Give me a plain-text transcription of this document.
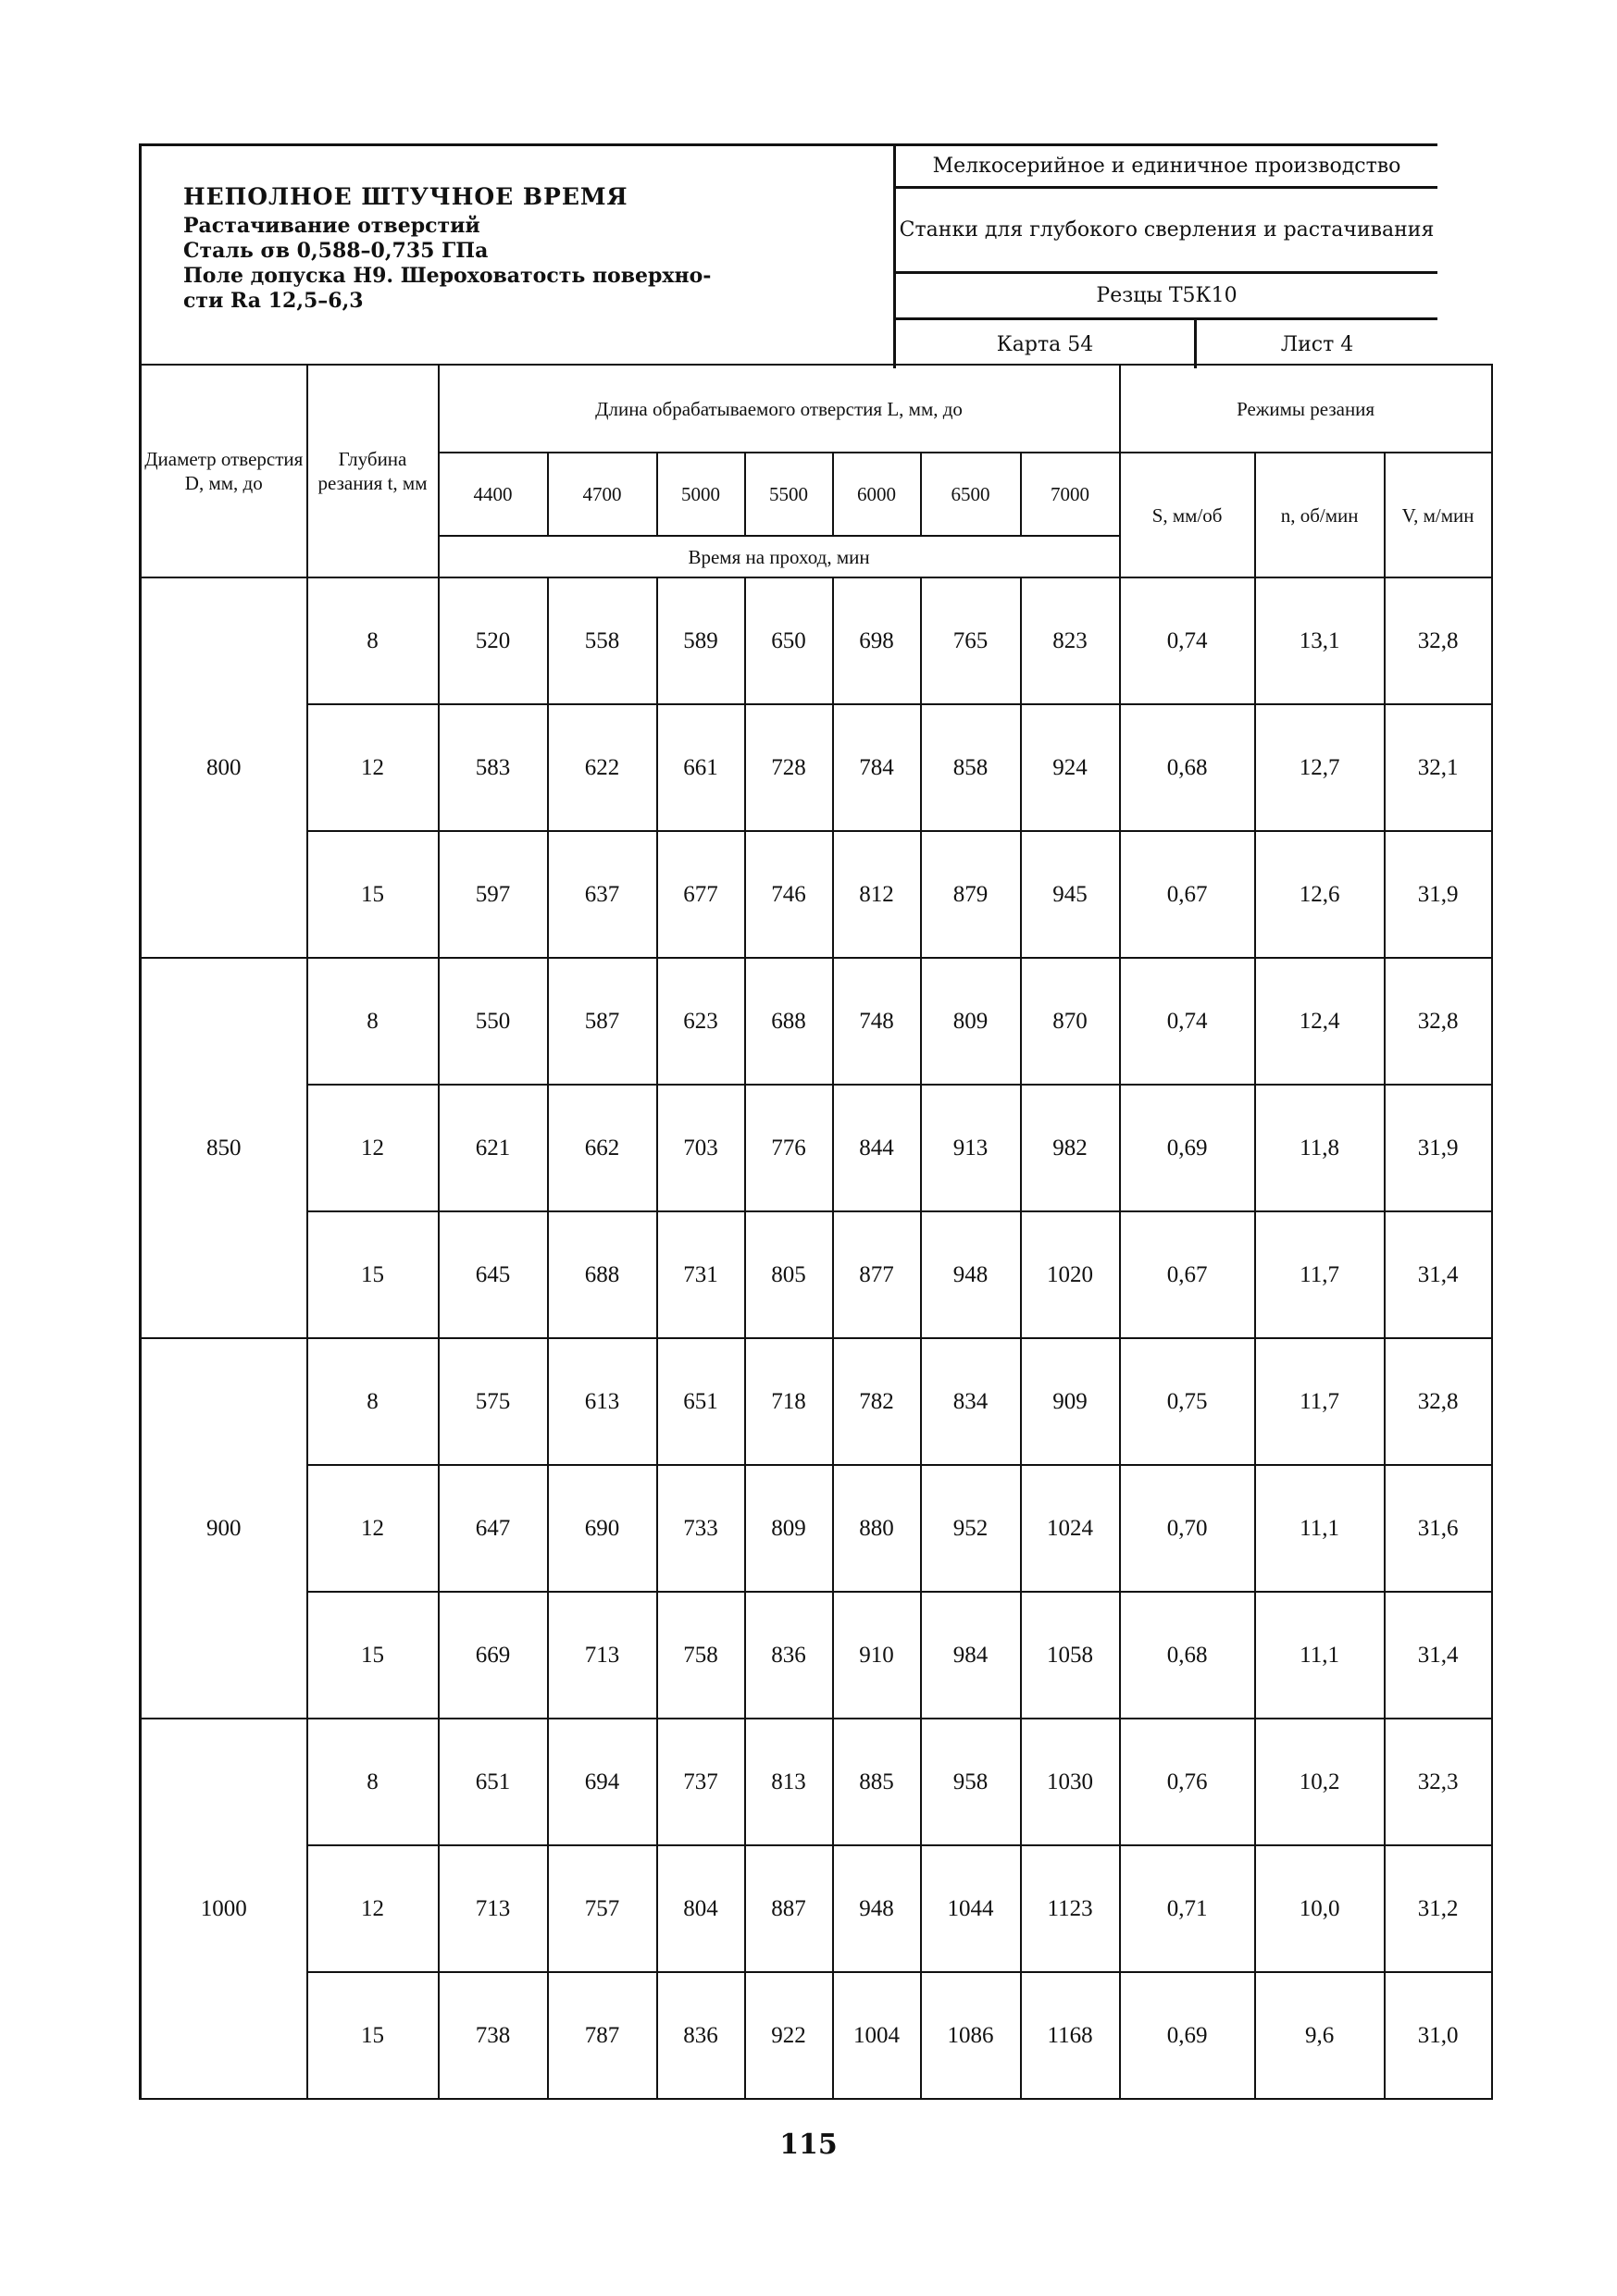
НЕПОЛНОЕ ШТУЧНОЕ ВРЕМЯ
Растачивание отверстий
Сталь σв 0,588–0,735 ГПа
Поле допуска Н9. Шероховатость поверхно-
сти Ra 12,5–6,3
Мелкосерийное и единичное производство
Станки для глубокого сверления и растачивания
Резцы Т5К10
Карта 54	Лист 4
Диаметр отверстия D, мм, до	Глубина резания t, мм	Длина обрабатываемого отверстия L, мм, до							Режимы резания		
		4400	4700	5000	5500	6000	6500	7000	S, мм/об	n, об/мин	V, м/мин
		Время на проход, мин									
800	8	520	558	589	650	698	765	823	0,74	13,1	32,8
	12	583	622	661	728	784	858	924	0,68	12,7	32,1
	15	597	637	677	746	812	879	945	0,67	12,6	31,9
850	8	550	587	623	688	748	809	870	0,74	12,4	32,8
	12	621	662	703	776	844	913	982	0,69	11,8	31,9
	15	645	688	731	805	877	948	1020	0,67	11,7	31,4
900	8	575	613	651	718	782	834	909	0,75	11,7	32,8
	12	647	690	733	809	880	952	1024	0,70	11,1	31,6
	15	669	713	758	836	910	984	1058	0,68	11,1	31,4
1000	8	651	694	737	813	885	958	1030	0,76	10,2	32,3
	12	713	757	804	887	948	1044	1123	0,71	10,0	31,2
	15	738	787	836	922	1004	1086	1168	0,69	9,6	31,0
115
